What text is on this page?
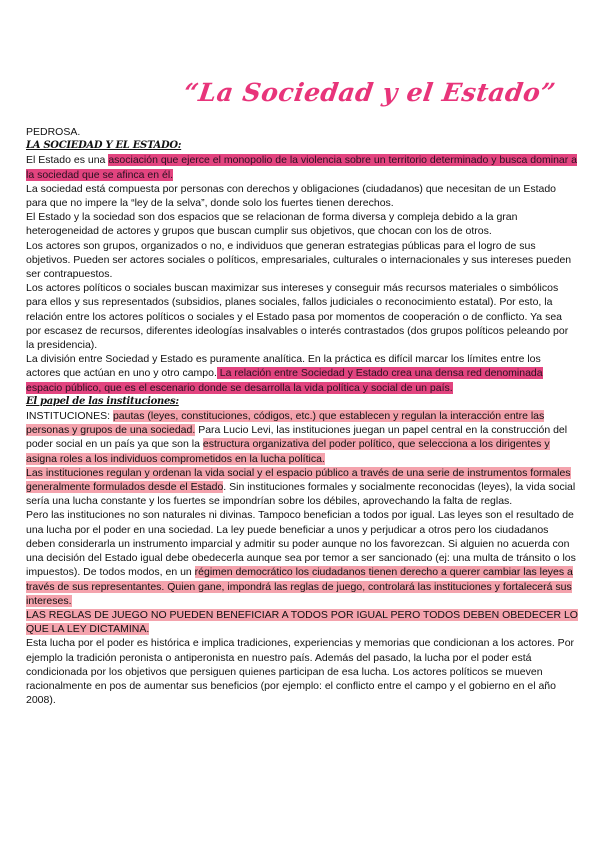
“La Sociedad y el Estado”

PEDROSA.

LA SOCIEDAD Y EL ESTADO:

El Estado es una asociación que ejerce el monopolio de la violencia sobre un territorio determinado y busca dominar a la sociedad que se afinca en él.

La sociedad está compuesta por personas con derechos y obligaciones (ciudadanos) que necesitan de un Estado para que no impere la “ley de la selva”, donde solo los fuertes tienen derechos.

El Estado y la sociedad son dos espacios que se relacionan de forma diversa y compleja debido a la gran heterogeneidad de actores y grupos que buscan cumplir sus objetivos, que chocan con los de otros.

Los actores son grupos, organizados o no, e individuos que generan estrategias públicas para el logro de sus objetivos. Pueden ser actores sociales o políticos, empresariales, culturales o internacionales y sus intereses pueden ser contrapuestos.

Los actores políticos o sociales buscan maximizar sus intereses y conseguir más recursos materiales o simbólicos para ellos y sus representados (subsidios, planes sociales, fallos judiciales o reconocimiento estatal). Por esto, la relación entre los actores políticos o sociales y el Estado pasa por momentos de cooperación o de conflicto. Ya sea por escasez de recursos, diferentes ideologías insalvables o interés contrastados (dos grupos políticos peleando por la presidencia).

La división entre Sociedad y Estado es puramente analítica. En la práctica es difícil marcar los límites entre los actores que actúan en uno y otro campo. La relación entre Sociedad y Estado crea una densa red denominada espacio público, que es el escenario donde se desarrolla la vida política y social de un país.

El papel de las instituciones:

INSTITUCIONES: pautas (leyes, constituciones, códigos, etc.) que establecen y regulan la interacción entre las personas y grupos de una sociedad. Para Lucio Levi, las instituciones juegan un papel central en la construcción del poder social en un país ya que son la estructura organizativa del poder político, que selecciona a los dirigentes y asigna roles a los individuos comprometidos en la lucha política.

Las instituciones regulan y ordenan la vida social y el espacio público a través de una serie de instrumentos formales generalmente formulados desde el Estado. Sin instituciones formales y socialmente reconocidas (leyes), la vida social sería una lucha constante y los fuertes se impondrían sobre los débiles, aprovechando la falta de reglas.

Pero las instituciones no son naturales ni divinas. Tampoco benefician a todos por igual. Las leyes son el resultado de una lucha por el poder en una sociedad. La ley puede beneficiar a unos y perjudicar a otros pero los ciudadanos deben considerarla un instrumento imparcial y admitir su poder aunque no los favorezcan. Si alguien no acuerda con una decisión del Estado igual debe obedecerla aunque sea por temor a ser sancionado (ej: una multa de tránsito o los impuestos). De todos modos, en un régimen democrático los ciudadanos tienen derecho a querer cambiar las leyes a través de sus representantes. Quien gane, impondrá las reglas de juego, controlará las instituciones y fortalecerá sus intereses.

LAS REGLAS DE JUEGO NO PUEDEN BENEFICIAR A TODOS POR IGUAL PERO TODOS DEBEN OBEDECER LO QUE LA LEY DICTAMINA.

Esta lucha por el poder es histórica e implica tradiciones, experiencias y memorias que condicionan a los actores. Por ejemplo la tradición peronista o antiperonista en nuestro país. Además del pasado, la lucha por el poder está condicionada por los objetivos que persiguen quienes participan de esa lucha. Los actores políticos se mueven racionalmente en pos de aumentar sus beneficios (por ejemplo: el conflicto entre el campo y el gobierno en el año 2008).
